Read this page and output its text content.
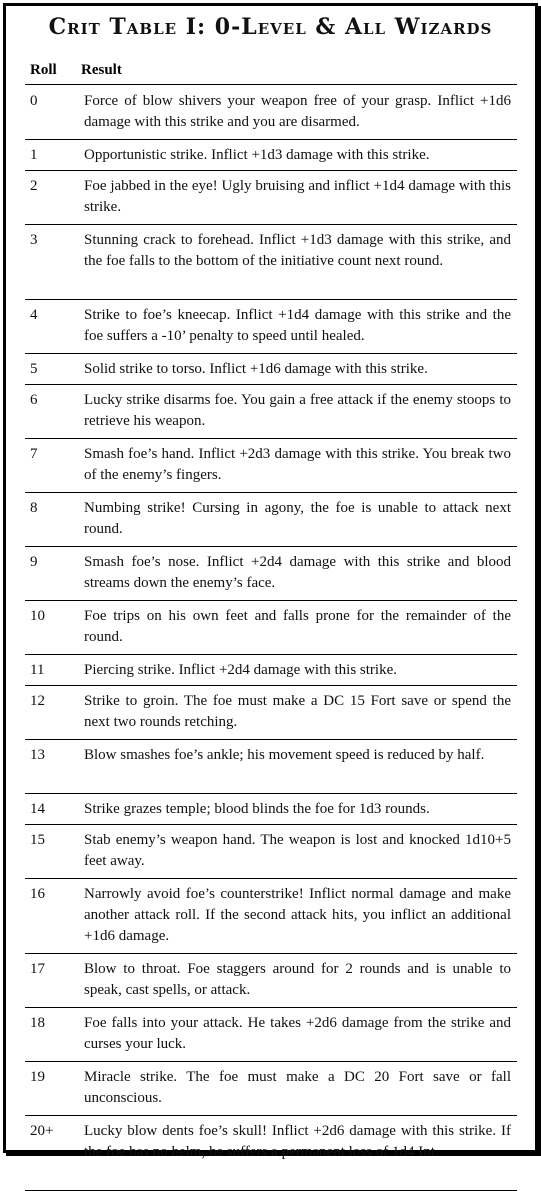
Crit Table I: 0-Level & All Wizards
Roll Result
0	Force of blow shivers your weapon free of your grasp. Inflict +1d6 damage with this strike and you are disarmed.
1	Opportunistic strike. Inflict +1d3 damage with this strike.
2	Foe jabbed in the eye! Ugly bruising and inflict +1d4 damage with this strike.
3	Stunning crack to forehead. Inflict +1d3 damage with this strike, and the foe falls to the bottom of the initiative count next round.
4	Strike to foe’s kneecap. Inflict +1d4 damage with this strike and the foe suffers a -10’ penalty to speed until healed.
5	Solid strike to torso. Inflict +1d6 damage with this strike.
6	Lucky strike disarms foe. You gain a free attack if the enemy stoops to retrieve his weapon.
7	Smash foe’s hand. Inflict +2d3 damage with this strike. You break two of the enemy’s fingers.
8	Numbing strike! Cursing in agony, the foe is unable to attack next round.
9	Smash foe’s nose. Inflict +2d4 damage with this strike and blood streams down the enemy’s face.
10	Foe trips on his own feet and falls prone for the remainder of the round.
11	Piercing strike. Inflict +2d4 damage with this strike.
12	Strike to groin. The foe must make a DC 15 Fort save or spend the next two rounds retching.
13	Blow smashes foe’s ankle; his movement speed is reduced by half.
14	Strike grazes temple; blood blinds the foe for 1d3 rounds.
15	Stab enemy’s weapon hand. The weapon is lost and knocked 1d10+5 feet away.
16	Narrowly avoid foe’s counterstrike! Inflict normal damage and make another attack roll. If the second attack hits, you inflict an additional +1d6 damage.
17	Blow to throat. Foe staggers around for 2 rounds and is unable to speak, cast spells, or attack.
18	Foe falls into your attack. He takes +2d6 damage from the strike and curses your luck.
19	Miracle strike. The foe must make a DC 20 Fort save or fall unconscious.
20+ Lucky blow dents foe’s skull! Inflict +2d6 damage with this strike. If the foe has no helm, he suffers a permanent loss of 1d4 Int.
